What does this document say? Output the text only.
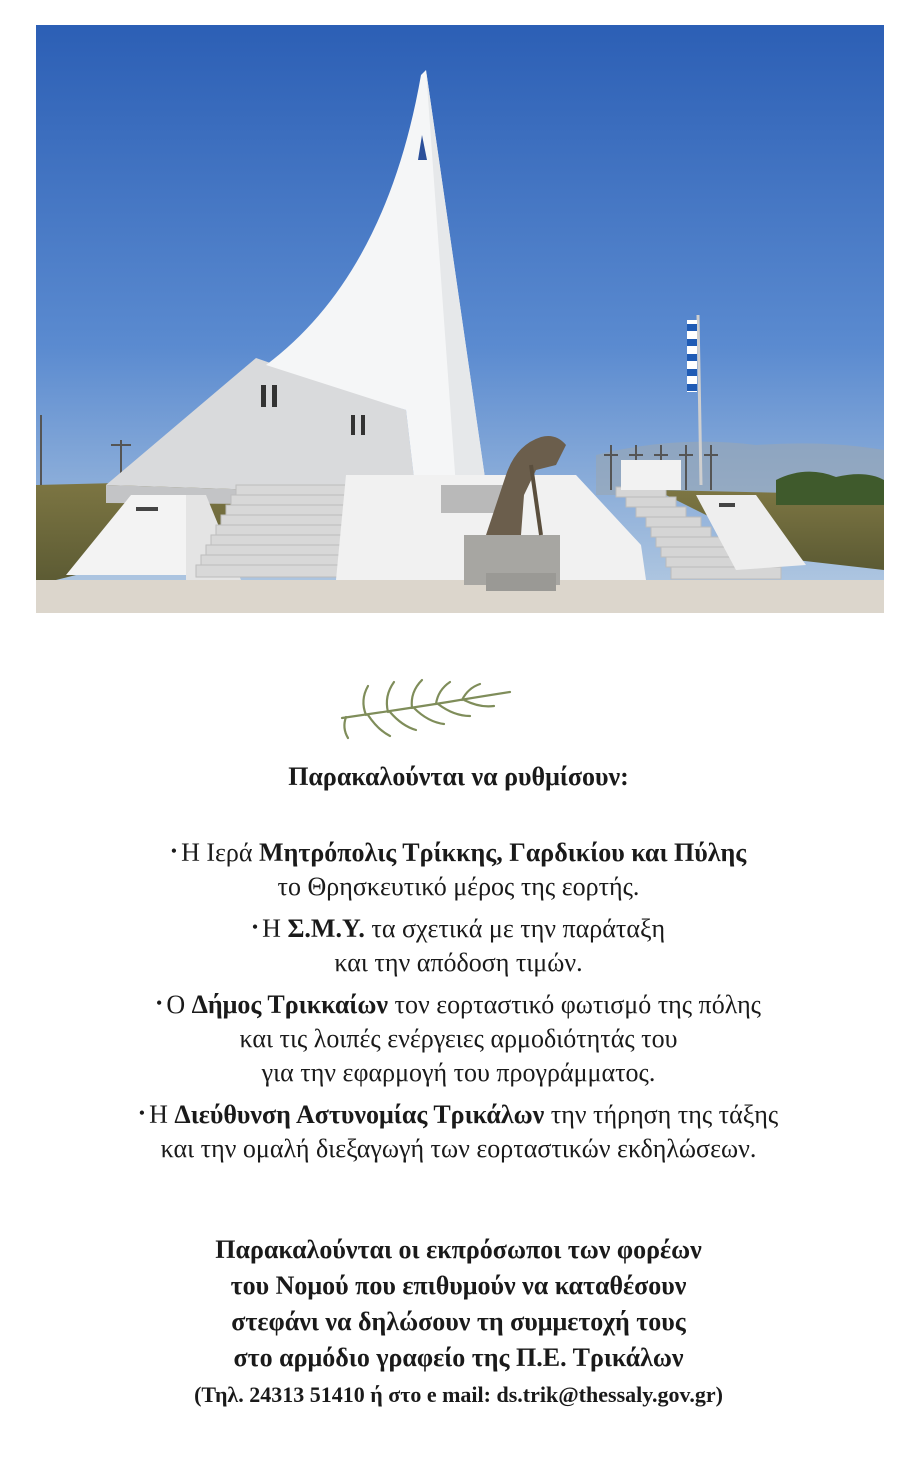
Παρακαλούνται να ρυθμίσουν:
• Η Ιερά Μητρόπολις Τρίκκης, Γαρδικίου και Πύλης
το Θρησκευτικό μέρος της εορτής.
• Η Σ.Μ.Υ. τα σχετικά με την παράταξη
και την απόδοση τιμών.
• Ο Δήμος Τρικκαίων τον εορταστικό φωτισμό της πόλης
και τις λοιπές ενέργειες αρμοδιότητάς του
για την εφαρμογή του προγράμματος.
• Η Διεύθυνση Αστυνομίας Τρικάλων την τήρηση της τάξης
και την ομαλή διεξαγωγή των εορταστικών εκδηλώσεων.
Παρακαλούνται οι εκπρόσωποι των φορέων
του Νομού που επιθυμούν να καταθέσουν
στεφάνι να δηλώσουν τη συμμετοχή τους
στο αρμόδιο γραφείο της Π.Ε. Τρικάλων
(Τηλ. 24313 51410 ή στο e mail: ds.trik@thessaly.gov.gr)
